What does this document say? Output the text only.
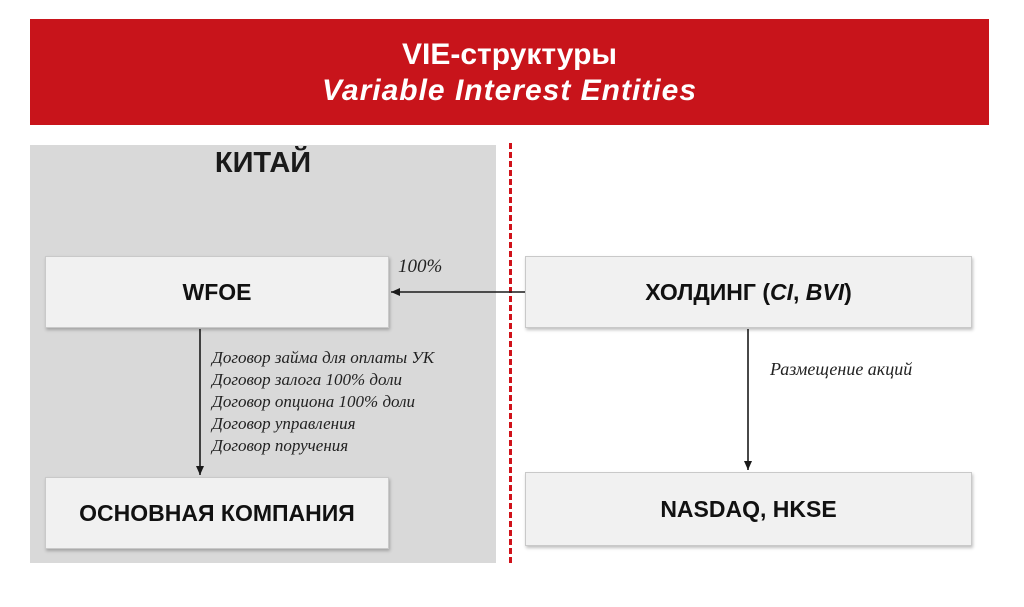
VIE-структуры
Variable Interest Entities
КИТАЙ
WFOE
ОСНОВНАЯ КОМПАНИЯ
ХОЛДИНГ (CI, BVI)
NASDAQ, HKSE
100%
Размещение акций
Договор займа для оплаты УК
Договор залога 100% доли
Договор опциона 100% доли
Договор управления
Договор поручения
